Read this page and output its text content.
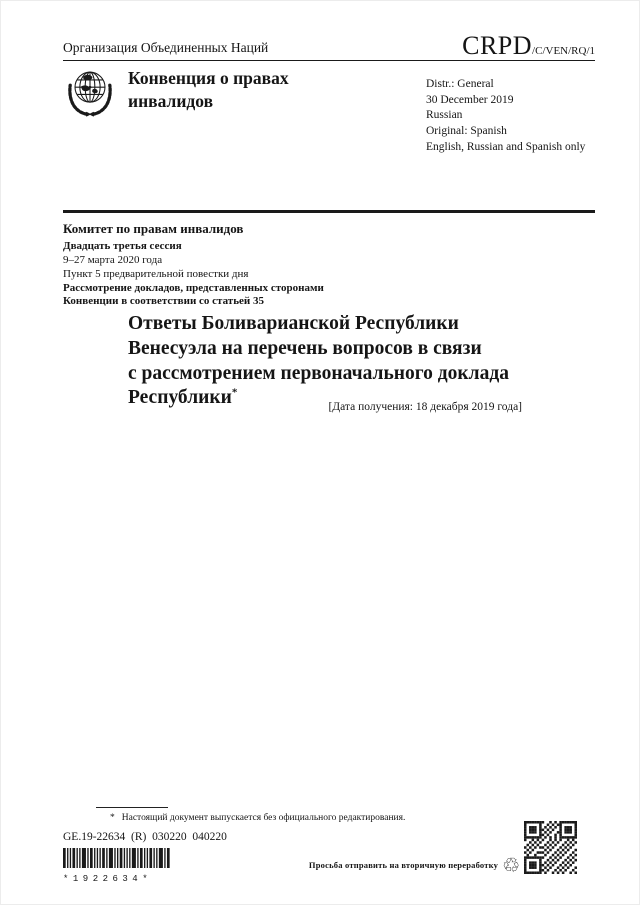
Организация Объединенных Наций	CRPD/C/VEN/RQ/1
Конвенция о правах
инвалидов
Distr.: General
30 December 2019
Russian
Original: Spanish
English, Russian and Spanish only
Комитет по правам инвалидов
Двадцать третья сессия
9–27 марта 2020 года
Пункт 5 предварительной повестки дня
Рассмотрение докладов, представленных сторонами
Конвенции в соответствии со статьей 35
Ответы Боливарианской Республики
Венесуэла на перечень вопросов в связи
с рассмотрением первоначального доклада
Республики*
[Дата получения: 18 декабря 2019 года]
* Настоящий документ выпускается без официального редактирования.
GE.19-22634  (R)  030220  040220
*1922634*
Просьба отправить на вторичную переработку ♲
